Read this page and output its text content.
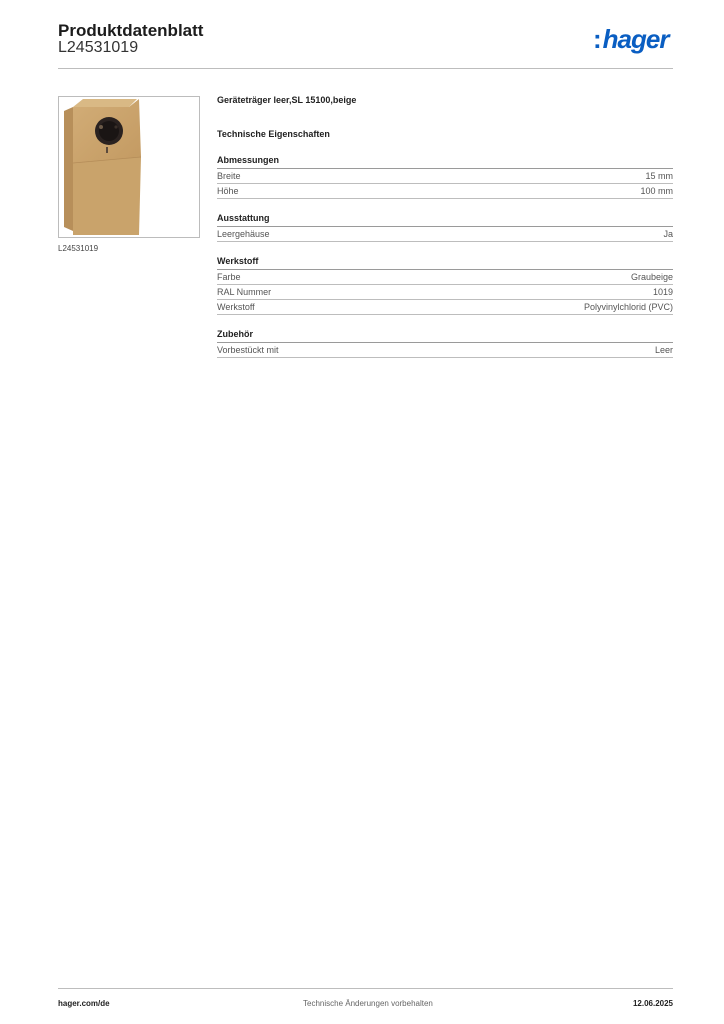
Produktdatenblatt
L24531019	:hager
L24531019
Geräteträger leer,SL 15100,beige
Technische Eigenschaften
Abmessungen
Breite	15 mm
Höhe	100 mm
Ausstattung
Leergehäuse	Ja
Werkstoff
Farbe	Graubeige
RAL Nummer	1019
Werkstoff	Polyvinylchlorid (PVC)
Zubehör
Vorbestückt mit	Leer
hager.com/de	Technische Änderungen vorbehalten	12.06.2025
